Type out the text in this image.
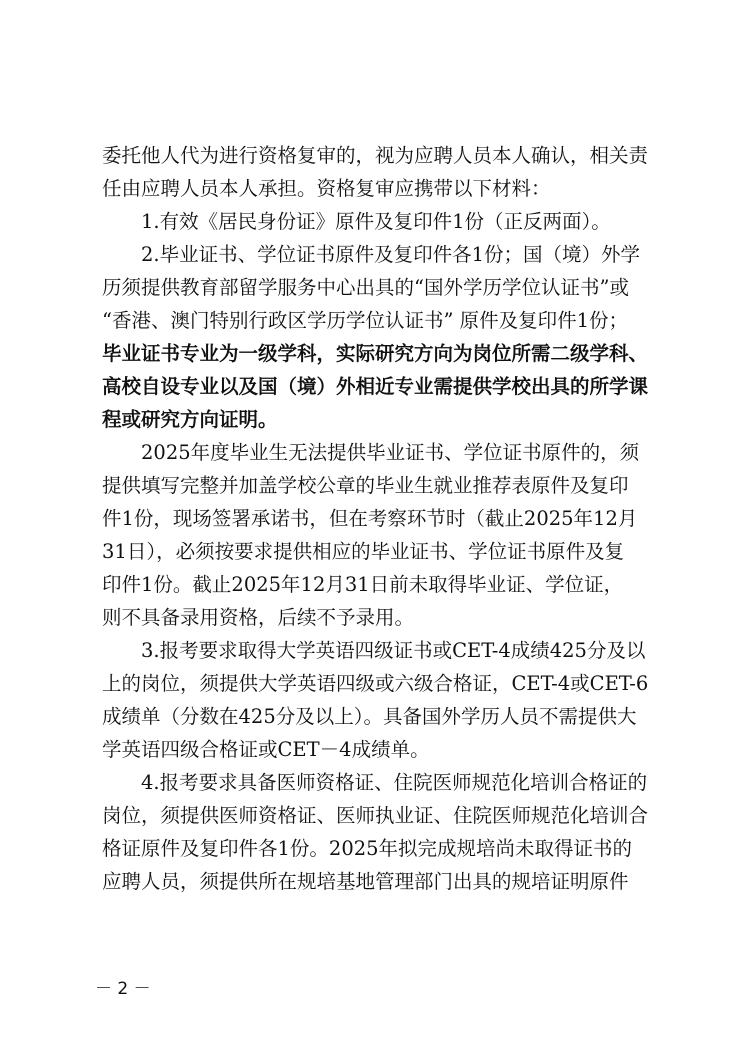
委托他人代为进行资格复审的，视为应聘人员本人确认，相关责
任由应聘人员本人承担。资格复审应携带以下材料：
　　1.有效《居民身份证》原件及复印件1份（正反两面）。
　　2.毕业证书、学位证书原件及复印件各1份；国（境）外学
历须提供教育部留学服务中心出具的“国外学历学位认证书”或
“香港、澳门特别行政区学历学位认证书” 原件及复印件1份；
毕业证书专业为一级学科，实际研究方向为岗位所需二级学科、
高校自设专业以及国（境）外相近专业需提供学校出具的所学课
程或研究方向证明。
　　2025年度毕业生无法提供毕业证书、学位证书原件的，须
提供填写完整并加盖学校公章的毕业生就业推荐表原件及复印
件1份，现场签署承诺书，但在考察环节时（截止2025年12月
31日），必须按要求提供相应的毕业证书、学位证书原件及复
印件1份。截止2025年12月31日前未取得毕业证、学位证，
则不具备录用资格，后续不予录用。
　　3.报考要求取得大学英语四级证书或CET-4成绩425分及以
上的岗位，须提供大学英语四级或六级合格证，CET-4或CET-6
成绩单（分数在425分及以上）。具备国外学历人员不需提供大
学英语四级合格证或CET－4成绩单。
　　4.报考要求具备医师资格证、住院医师规范化培训合格证的
岗位，须提供医师资格证、医师执业证、住院医师规范化培训合
格证原件及复印件各1份。2025年拟完成规培尚未取得证书的
应聘人员，须提供所在规培基地管理部门出具的规培证明原件
－ 2 －
